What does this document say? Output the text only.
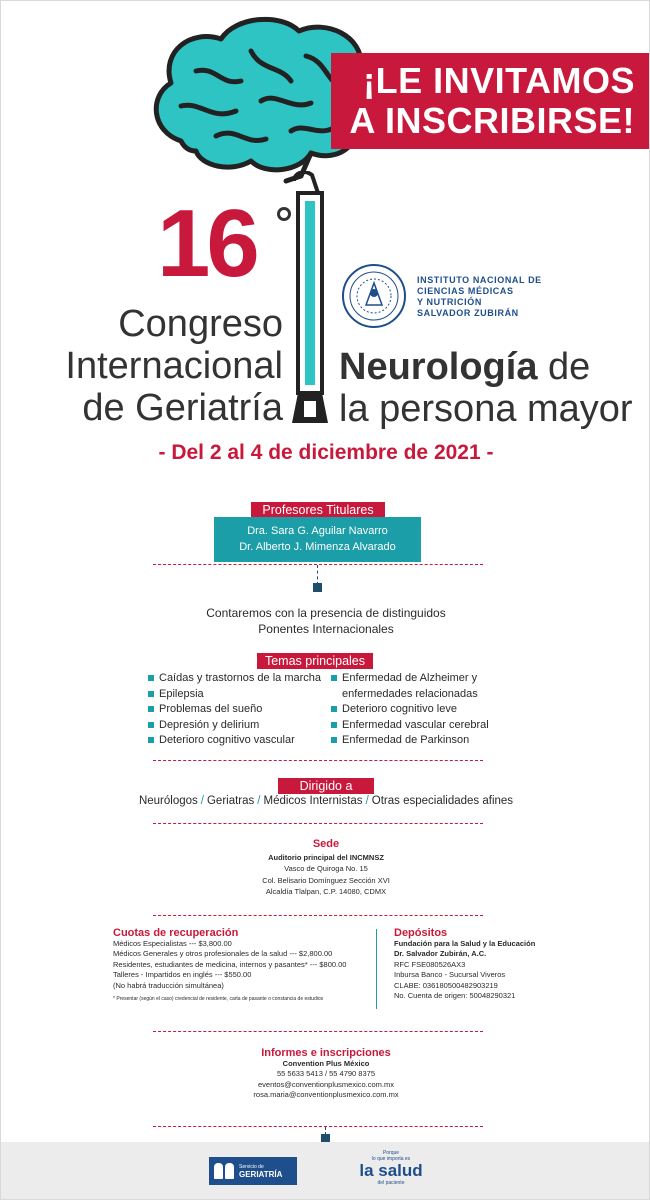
¡LE INVITAMOS
A INSCRIBIRSE!
16
Congreso
Internacional
de Geriatría
Neurología de
la persona mayor
INSTITUTO NACIONAL DE
CIENCIAS MÉDICAS
Y NUTRICIÓN
SALVADOR ZUBIRÁN
- Del 2 al 4 de diciembre de 2021 -
Profesores Titulares
Dra. Sara G. Aguilar Navarro
Dr. Alberto J. Mimenza Alvarado
Contaremos con la presencia de distinguidos
Ponentes Internacionales
Temas principales
Caídas y trastornos de la marcha
Epilepsia
Problemas del sueño
Depresión y delirium
Deterioro cognitivo vascular
Enfermedad de Alzheimer y
enfermedades relacionadas
Deterioro cognitivo leve
Enfermedad vascular cerebral
Enfermedad de Parkinson
Dirigido a
Neurólogos / Geriatras / Médicos Internistas / Otras especialidades afines
Sede
Auditorio principal del INCMNSZ
Vasco de Quiroga No. 15
Col. Belisario Domínguez Sección XVI
Alcaldía Tlalpan, C.P. 14080, CDMX
Cuotas de recuperación
Médicos Especialistas --- $3,800.00
Médicos Generales y otros profesionales de la salud --- $2,800.00
Residentes, estudiantes de medicina, internos y pasantes* --- $800.00
Talleres - Impartidos en inglés --- $550.00
(No habrá traducción simultánea)
* Presentar (según el caso) credencial de residente, carta de pasante o constancia de estudios
Depósitos
Fundación para la Salud y la Educación
Dr. Salvador Zubirán, A.C.
RFC FSE080526AX3
Inbursa Banco - Sucursal Viveros
CLABE: 036180500482903219
No. Cuenta de origen: 50048290321
Informes e inscripciones
Convention Plus México
55 5633 5413 / 55 4790 8375
eventos@conventionplusmexico.com.mx
rosa.maria@conventionplusmexico.com.mx
Servicio de
GERIATRÍA
Porque
lo que importa es
la salud
del paciente
